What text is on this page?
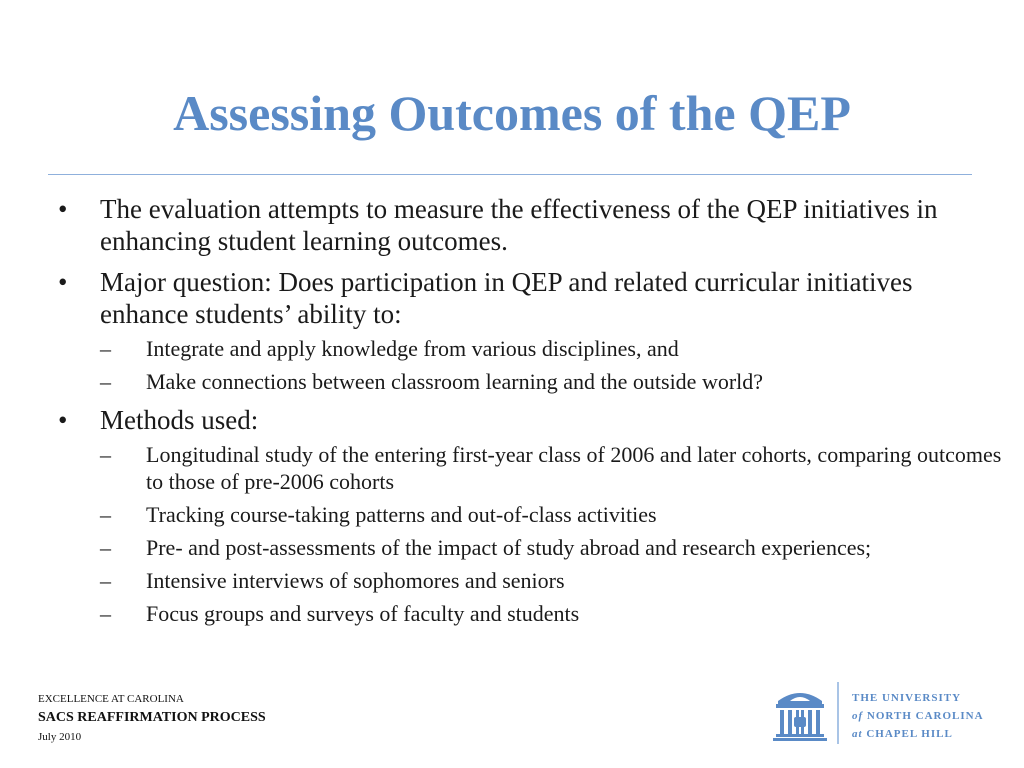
Assessing Outcomes of the QEP
•	The evaluation attempts to measure the effectiveness of the QEP initiatives in enhancing student learning outcomes.
•	Major question: Does participation in QEP and related curricular initiatives enhance students’ ability to:
–	Integrate and apply knowledge from various disciplines, and
–	Make connections between classroom learning and the outside world?
•	Methods used:
–	Longitudinal study of the entering first-year class of 2006 and later cohorts, comparing outcomes to those of pre-2006 cohorts
–	Tracking course-taking patterns and out-of-class activities
–	Pre- and post-assessments of the impact of study abroad and research experiences;
–	Intensive interviews of sophomores and seniors
–	Focus groups and surveys of faculty and students
EXCELLENCE AT CAROLINA
SACS REAFFIRMATION PROCESS
July 2010
THE UNIVERSITY
of NORTH CAROLINA
at CHAPEL HILL
